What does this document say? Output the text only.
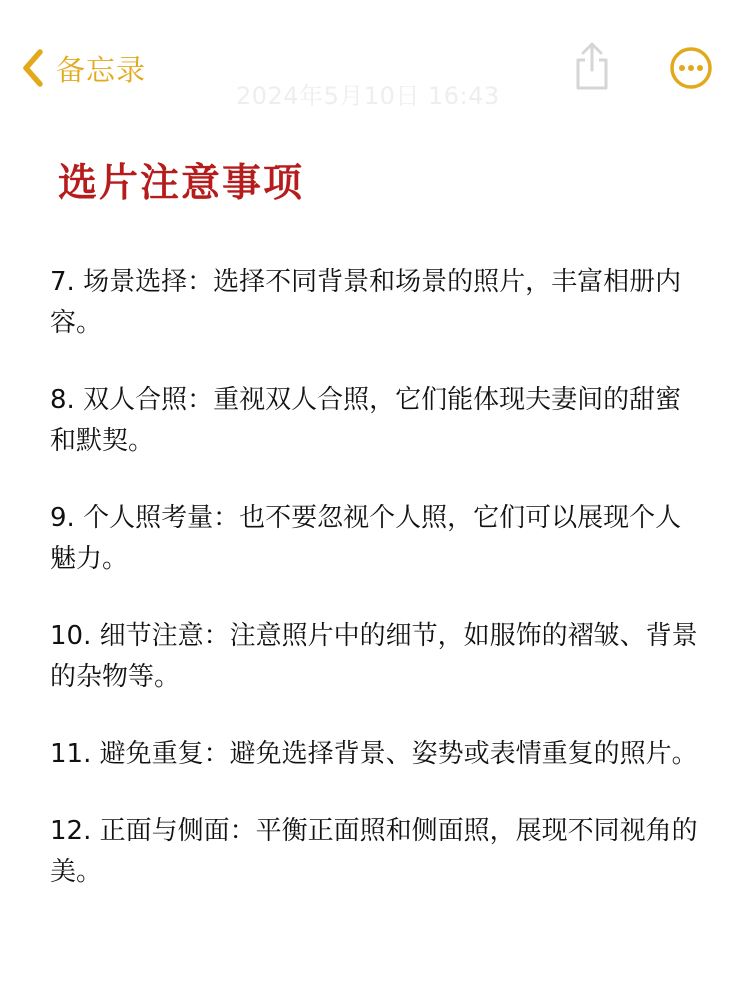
备忘录
2024年5月10日 16:43
选片注意事项

7. 场景选择：选择不同背景和场景的照片，丰富相册内容。

8. 双人合照：重视双人合照，它们能体现夫妻间的甜蜜和默契。

9. 个人照考量：也不要忽视个人照，它们可以展现个人魅力。

10. 细节注意：注意照片中的细节，如服饰的褶皱、背景的杂物等。

11. 避免重复：避免选择背景、姿势或表情重复的照片。

12. 正面与侧面：平衡正面照和侧面照，展现不同视角的美。
